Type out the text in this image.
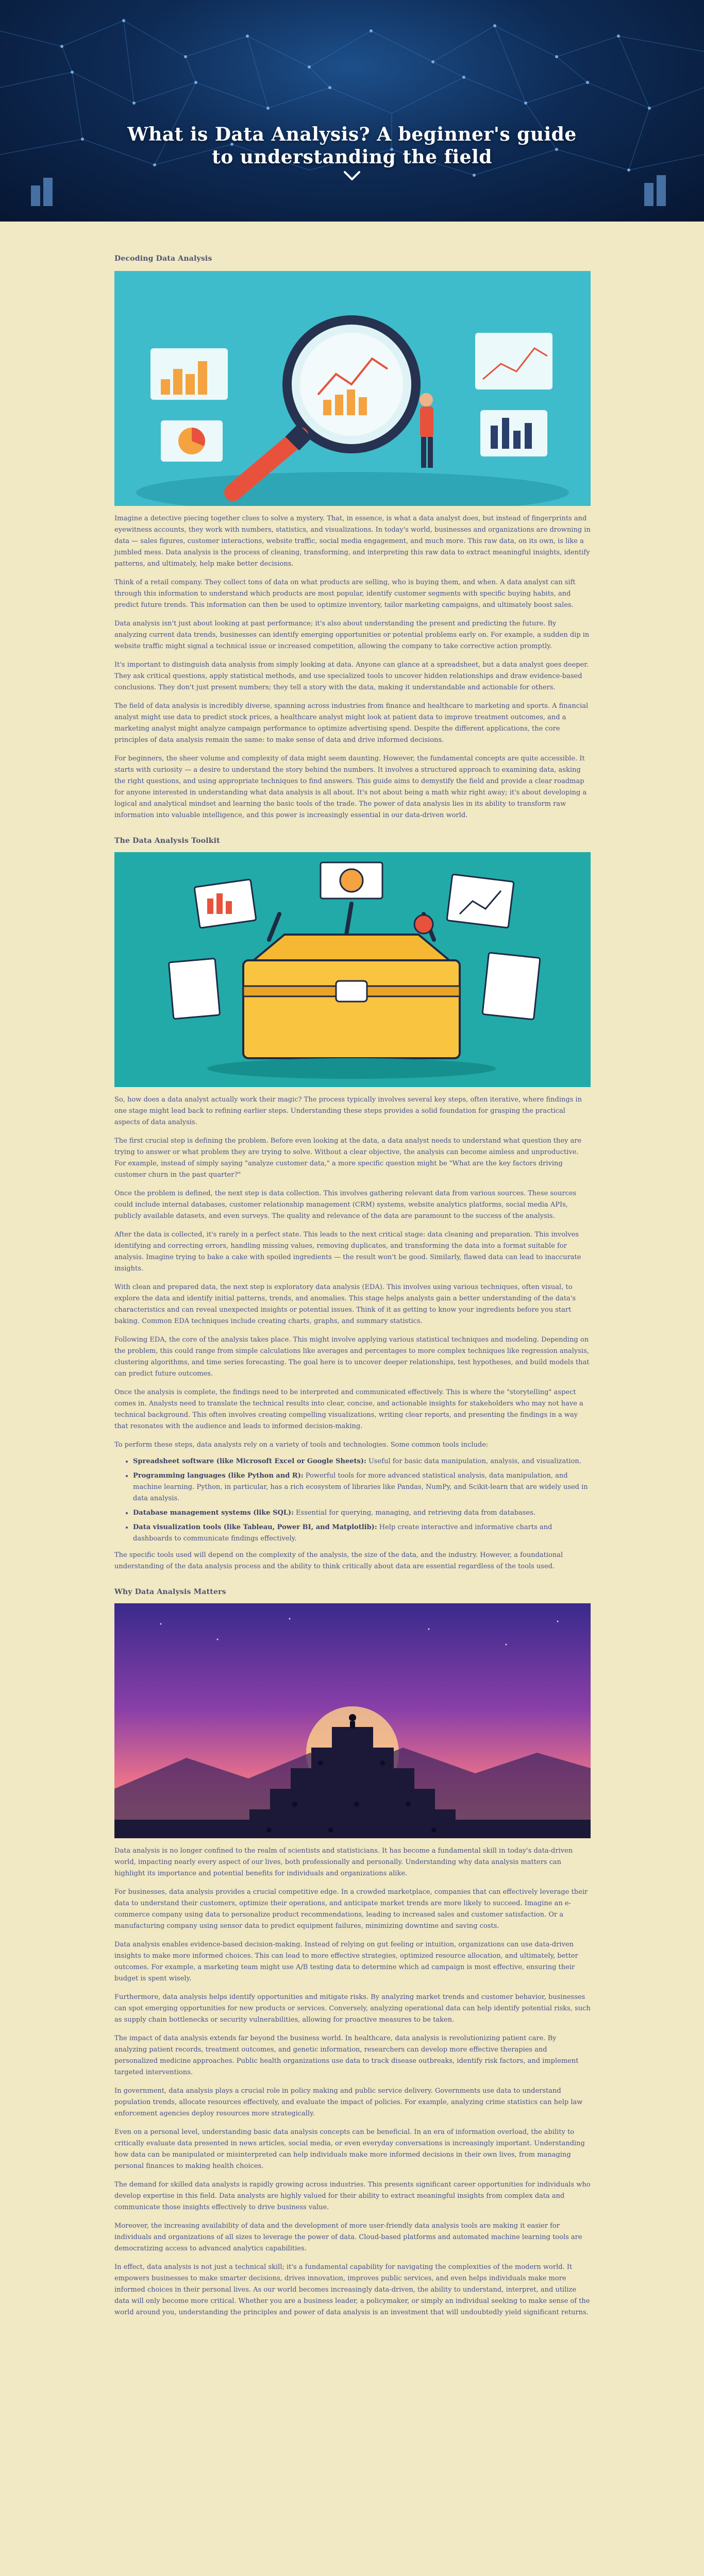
What is Data Analysis? A beginner's guide
to understanding the field
Decoding Data Analysis

Imagine a detective piecing together clues to solve a mystery. That, in essence, is what a data analyst does, but instead of fingerprints and eyewitness accounts, they work with numbers, statistics, and visualizations. In today's world, businesses and organizations are drowning in data — sales figures, customer interactions, website traffic, social media engagement, and much more. This raw data, on its own, is like a jumbled mess. Data analysis is the process of cleaning, transforming, and interpreting this raw data to extract meaningful insights, identify patterns, and ultimately, help make better decisions.

Think of a retail company. They collect tons of data on what products are selling, who is buying them, and when. A data analyst can sift through this information to understand which products are most popular, identify customer segments with specific buying habits, and predict future trends. This information can then be used to optimize inventory, tailor marketing campaigns, and ultimately boost sales.

Data analysis isn't just about looking at past performance; it's also about understanding the present and predicting the future. By analyzing current data trends, businesses can identify emerging opportunities or potential problems early on. For example, a sudden dip in website traffic might signal a technical issue or increased competition, allowing the company to take corrective action promptly.

It's important to distinguish data analysis from simply looking at data. Anyone can glance at a spreadsheet, but a data analyst goes deeper. They ask critical questions, apply statistical methods, and use specialized tools to uncover hidden relationships and draw evidence-based conclusions. They don't just present numbers; they tell a story with the data, making it understandable and actionable for others.

The field of data analysis is incredibly diverse, spanning across industries from finance and healthcare to marketing and sports. A financial analyst might use data to predict stock prices, a healthcare analyst might look at patient data to improve treatment outcomes, and a marketing analyst might analyze campaign performance to optimize advertising spend. Despite the different applications, the core principles of data analysis remain the same: to make sense of data and drive informed decisions.

For beginners, the sheer volume and complexity of data might seem daunting. However, the fundamental concepts are quite accessible. It starts with curiosity — a desire to understand the story behind the numbers. It involves a structured approach to examining data, asking the right questions, and using appropriate techniques to find answers. This guide aims to demystify the field and provide a clear roadmap for anyone interested in understanding what data analysis is all about. It's not about being a math whiz right away; it's about developing a logical and analytical mindset and learning the basic tools of the trade. The power of data analysis lies in its ability to transform raw information into valuable intelligence, and this power is increasingly essential in our data-driven world.

The Data Analysis Toolkit

So, how does a data analyst actually work their magic? The process typically involves several key steps, often iterative, where findings in one stage might lead back to refining earlier steps. Understanding these steps provides a solid foundation for grasping the practical aspects of data analysis.

The first crucial step is defining the problem. Before even looking at the data, a data analyst needs to understand what question they are trying to answer or what problem they are trying to solve. Without a clear objective, the analysis can become aimless and unproductive. For example, instead of simply saying "analyze customer data," a more specific question might be "What are the key factors driving customer churn in the past quarter?"

Once the problem is defined, the next step is data collection. This involves gathering relevant data from various sources. These sources could include internal databases, customer relationship management (CRM) systems, website analytics platforms, social media APIs, publicly available datasets, and even surveys. The quality and relevance of the data are paramount to the success of the analysis.

After the data is collected, it's rarely in a perfect state. This leads to the next critical stage: data cleaning and preparation. This involves identifying and correcting errors, handling missing values, removing duplicates, and transforming the data into a format suitable for analysis. Imagine trying to bake a cake with spoiled ingredients — the result won't be good. Similarly, flawed data can lead to inaccurate insights.

With clean and prepared data, the next step is exploratory data analysis (EDA). This involves using various techniques, often visual, to explore the data and identify initial patterns, trends, and anomalies. This stage helps analysts gain a better understanding of the data's characteristics and can reveal unexpected insights or potential issues. Think of it as getting to know your ingredients before you start baking. Common EDA techniques include creating charts, graphs, and summary statistics.

Following EDA, the core of the analysis takes place. This might involve applying various statistical techniques and modeling. Depending on the problem, this could range from simple calculations like averages and percentages to more complex techniques like regression analysis, clustering algorithms, and time series forecasting. The goal here is to uncover deeper relationships, test hypotheses, and build models that can predict future outcomes.

Once the analysis is complete, the findings need to be interpreted and communicated effectively. This is where the "storytelling" aspect comes in. Analysts need to translate the technical results into clear, concise, and actionable insights for stakeholders who may not have a technical background. This often involves creating compelling visualizations, writing clear reports, and presenting the findings in a way that resonates with the audience and leads to informed decision-making.

To perform these steps, data analysts rely on a variety of tools and technologies. Some common tools include:

• Spreadsheet software (like Microsoft Excel or Google Sheets): Useful for basic data manipulation, analysis, and visualization.
• Programming languages (like Python and R): Powerful tools for more advanced statistical analysis, data manipulation, and machine learning. Python, in particular, has a rich ecosystem of libraries like Pandas, NumPy, and Scikit-learn that are widely used in data analysis.
• Database management systems (like SQL): Essential for querying, managing, and retrieving data from databases.
• Data visualization tools (like Tableau, Power BI, and Matplotlib): Help create interactive and informative charts and dashboards to communicate findings effectively.

The specific tools used will depend on the complexity of the analysis, the size of the data, and the industry. However, a foundational understanding of the data analysis process and the ability to think critically about data are essential regardless of the tools used.

Why Data Analysis Matters

Data analysis is no longer confined to the realm of scientists and statisticians. It has become a fundamental skill in today's data-driven world, impacting nearly every aspect of our lives, both professionally and personally. Understanding why data analysis matters can highlight its importance and potential benefits for individuals and organizations alike.

For businesses, data analysis provides a crucial competitive edge. In a crowded marketplace, companies that can effectively leverage their data to understand their customers, optimize their operations, and anticipate market trends are more likely to succeed. Imagine an e-commerce company using data to personalize product recommendations, leading to increased sales and customer satisfaction. Or a manufacturing company using sensor data to predict equipment failures, minimizing downtime and saving costs.

Data analysis enables evidence-based decision-making. Instead of relying on gut feeling or intuition, organizations can use data-driven insights to make more informed choices. This can lead to more effective strategies, optimized resource allocation, and ultimately, better outcomes. For example, a marketing team might use A/B testing data to determine which ad campaign is most effective, ensuring their budget is spent wisely.

Furthermore, data analysis helps identify opportunities and mitigate risks. By analyzing market trends and customer behavior, businesses can spot emerging opportunities for new products or services. Conversely, analyzing operational data can help identify potential risks, such as supply chain bottlenecks or security vulnerabilities, allowing for proactive measures to be taken.

The impact of data analysis extends far beyond the business world. In healthcare, data analysis is revolutionizing patient care. By analyzing patient records, treatment outcomes, and genetic information, researchers can develop more effective therapies and personalized medicine approaches. Public health organizations use data to track disease outbreaks, identify risk factors, and implement targeted interventions.

In government, data analysis plays a crucial role in policy making and public service delivery. Governments use data to understand population trends, allocate resources effectively, and evaluate the impact of policies. For example, analyzing crime statistics can help law enforcement agencies deploy resources more strategically.

Even on a personal level, understanding basic data analysis concepts can be beneficial. In an era of information overload, the ability to critically evaluate data presented in news articles, social media, or even everyday conversations is increasingly important. Understanding how data can be manipulated or misinterpreted can help individuals make more informed decisions in their own lives, from managing personal finances to making health choices.

The demand for skilled data analysts is rapidly growing across industries. This presents significant career opportunities for individuals who develop expertise in this field. Data analysts are highly valued for their ability to extract meaningful insights from complex data and communicate those insights effectively to drive business value.

Moreover, the increasing availability of data and the development of more user-friendly data analysis tools are making it easier for individuals and organizations of all sizes to leverage the power of data. Cloud-based platforms and automated machine learning tools are democratizing access to advanced analytics capabilities.

In effect, data analysis is not just a technical skill; it's a fundamental capability for navigating the complexities of the modern world. It empowers businesses to make smarter decisions, drives innovation, improves public services, and even helps individuals make more informed choices in their personal lives. As our world becomes increasingly data-driven, the ability to understand, interpret, and utilize data will only become more critical. Whether you are a business leader, a policymaker, or simply an individual seeking to make sense of the world around you, understanding the principles and power of data analysis is an investment that will undoubtedly yield significant returns.
